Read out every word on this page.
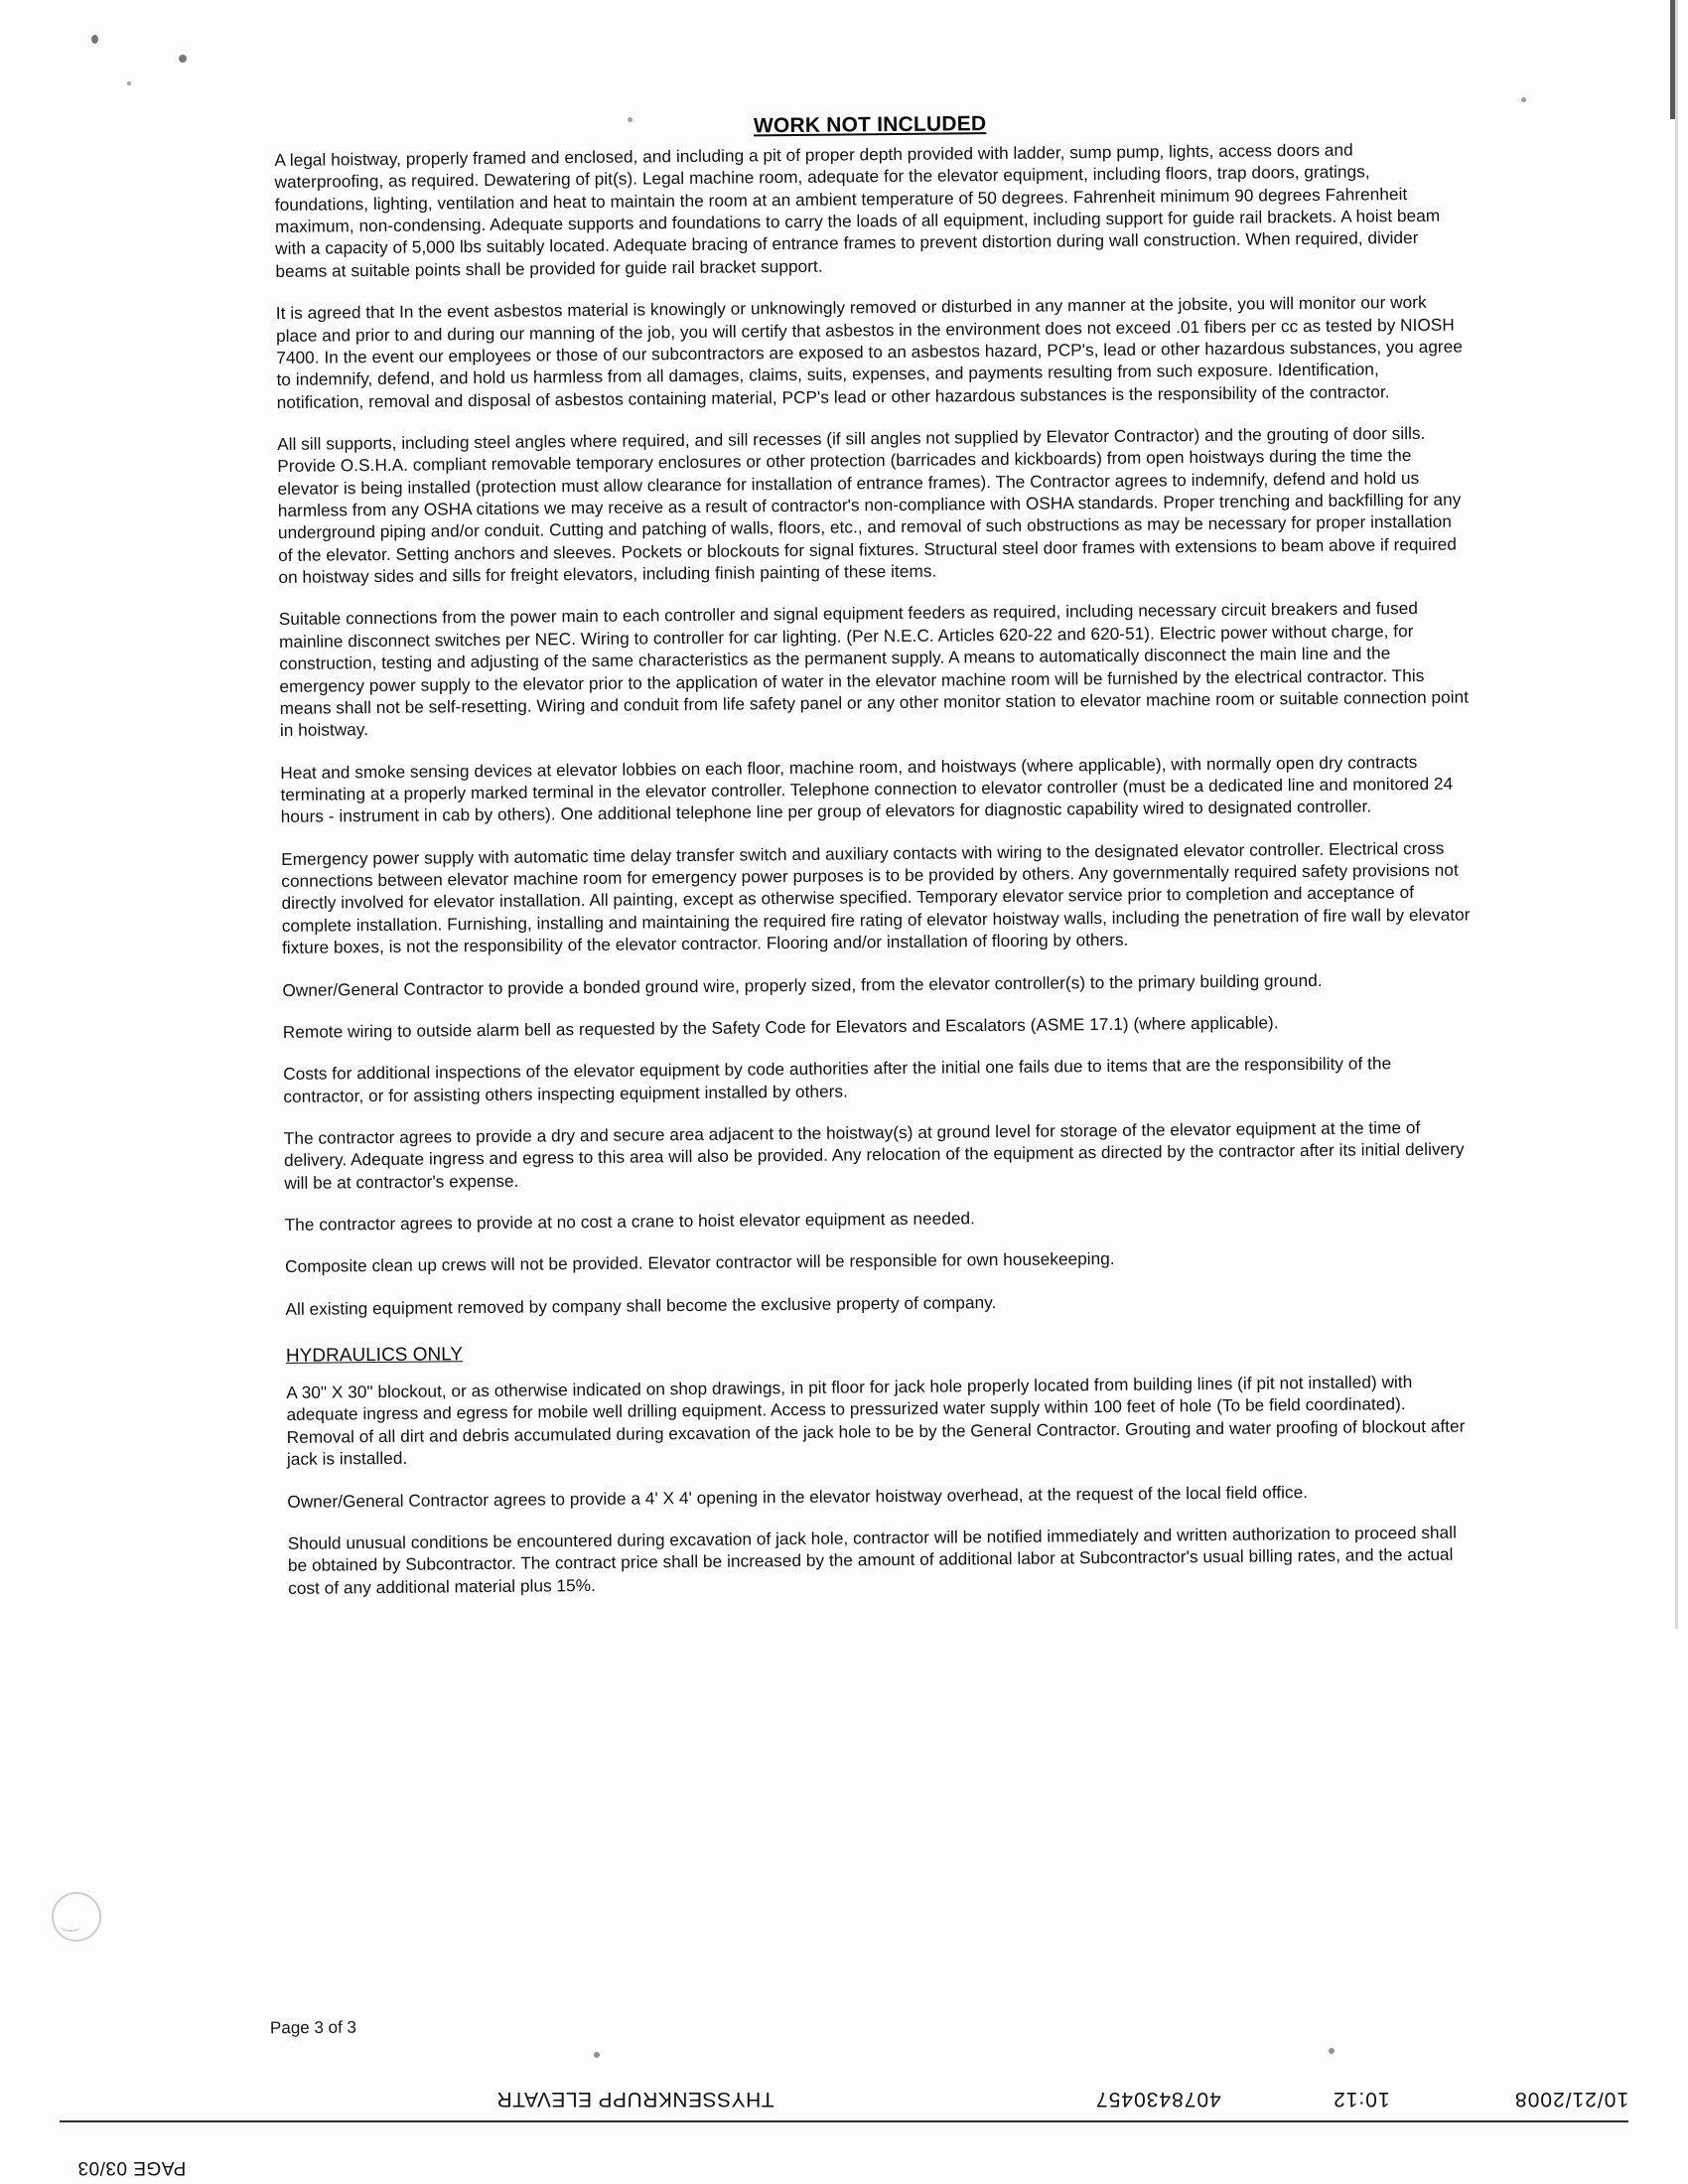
WORK NOT INCLUDED

A legal hoistway, properly framed and enclosed, and including a pit of proper depth provided with ladder, sump pump, lights, access doors and waterproofing, as required. Dewatering of pit(s). Legal machine room, adequate for the elevator equipment, including floors, trap doors, gratings, foundations, lighting, ventilation and heat to maintain the room at an ambient temperature of 50 degrees. Fahrenheit minimum 90 degrees Fahrenheit maximum, non-condensing. Adequate supports and foundations to carry the loads of all equipment, including support for guide rail brackets. A hoist beam with a capacity of 5,000 lbs suitably located. Adequate bracing of entrance frames to prevent distortion during wall construction. When required, divider beams at suitable points shall be provided for guide rail bracket support.

It is agreed that In the event asbestos material is knowingly or unknowingly removed or disturbed in any manner at the jobsite, you will monitor our work place and prior to and during our manning of the job, you will certify that asbestos in the environment does not exceed .01 fibers per cc as tested by NIOSH 7400. In the event our employees or those of our subcontractors are exposed to an asbestos hazard, PCP's, lead or other hazardous substances, you agree to indemnify, defend, and hold us harmless from all damages, claims, suits, expenses, and payments resulting from such exposure. Identification, notification, removal and disposal of asbestos containing material, PCP's lead or other hazardous substances is the responsibility of the contractor.

All sill supports, including steel angles where required, and sill recesses (if sill angles not supplied by Elevator Contractor) and the grouting of door sills. Provide O.S.H.A. compliant removable temporary enclosures or other protection (barricades and kickboards) from open hoistways during the time the elevator is being installed (protection must allow clearance for installation of entrance frames). The Contractor agrees to indemnify, defend and hold us harmless from any OSHA citations we may receive as a result of contractor's non-compliance with OSHA standards. Proper trenching and backfilling for any underground piping and/or conduit. Cutting and patching of walls, floors, etc., and removal of such obstructions as may be necessary for proper installation of the elevator. Setting anchors and sleeves. Pockets or blockouts for signal fixtures. Structural steel door frames with extensions to beam above if required on hoistway sides and sills for freight elevators, including finish painting of these items.

Suitable connections from the power main to each controller and signal equipment feeders as required, including necessary circuit breakers and fused mainline disconnect switches per NEC. Wiring to controller for car lighting. (Per N.E.C. Articles 620-22 and 620-51). Electric power without charge, for construction, testing and adjusting of the same characteristics as the permanent supply. A means to automatically disconnect the main line and the emergency power supply to the elevator prior to the application of water in the elevator machine room will be furnished by the electrical contractor. This means shall not be self-resetting. Wiring and conduit from life safety panel or any other monitor station to elevator machine room or suitable connection point in hoistway.

Heat and smoke sensing devices at elevator lobbies on each floor, machine room, and hoistways (where applicable), with normally open dry contracts terminating at a properly marked terminal in the elevator controller. Telephone connection to elevator controller (must be a dedicated line and monitored 24 hours - instrument in cab by others). One additional telephone line per group of elevators for diagnostic capability wired to designated controller.

Emergency power supply with automatic time delay transfer switch and auxiliary contacts with wiring to the designated elevator controller. Electrical cross connections between elevator machine room for emergency power purposes is to be provided by others. Any governmentally required safety provisions not directly involved for elevator installation. All painting, except as otherwise specified. Temporary elevator service prior to completion and acceptance of complete installation. Furnishing, installing and maintaining the required fire rating of elevator hoistway walls, including the penetration of fire wall by elevator fixture boxes, is not the responsibility of the elevator contractor. Flooring and/or installation of flooring by others.

Owner/General Contractor to provide a bonded ground wire, properly sized, from the elevator controller(s) to the primary building ground.

Remote wiring to outside alarm bell as requested by the Safety Code for Elevators and Escalators (ASME 17.1) (where applicable).

Costs for additional inspections of the elevator equipment by code authorities after the initial one fails due to items that are the responsibility of the contractor, or for assisting others inspecting equipment installed by others.

The contractor agrees to provide a dry and secure area adjacent to the hoistway(s) at ground level for storage of the elevator equipment at the time of delivery. Adequate ingress and egress to this area will also be provided. Any relocation of the equipment as directed by the contractor after its initial delivery will be at contractor's expense.

The contractor agrees to provide at no cost a crane to hoist elevator equipment as needed.

Composite clean up crews will not be provided. Elevator contractor will be responsible for own housekeeping.

All existing equipment removed by company shall become the exclusive property of company.

HYDRAULICS ONLY

A 30" X 30" blockout, or as otherwise indicated on shop drawings, in pit floor for jack hole properly located from building lines (if pit not installed) with adequate ingress and egress for mobile well drilling equipment. Access to pressurized water supply within 100 feet of hole (To be field coordinated). Removal of all dirt and debris accumulated during excavation of the jack hole to be by the General Contractor. Grouting and water proofing of blockout after jack is installed.

Owner/General Contractor agrees to provide a 4' X 4' opening in the elevator hoistway overhead, at the request of the local field office.

Should unusual conditions be encountered during excavation of jack hole, contractor will be notified immediately and written authorization to proceed shall be obtained by Subcontractor. The contract price shall be increased by the amount of additional labor at Subcontractor's usual billing rates, and the actual cost of any additional material plus 15%.

Page 3 of 3
10/21/2008
10:12
4078430457
THYSSENKRUPP ELEVATR
PAGE 03/03
